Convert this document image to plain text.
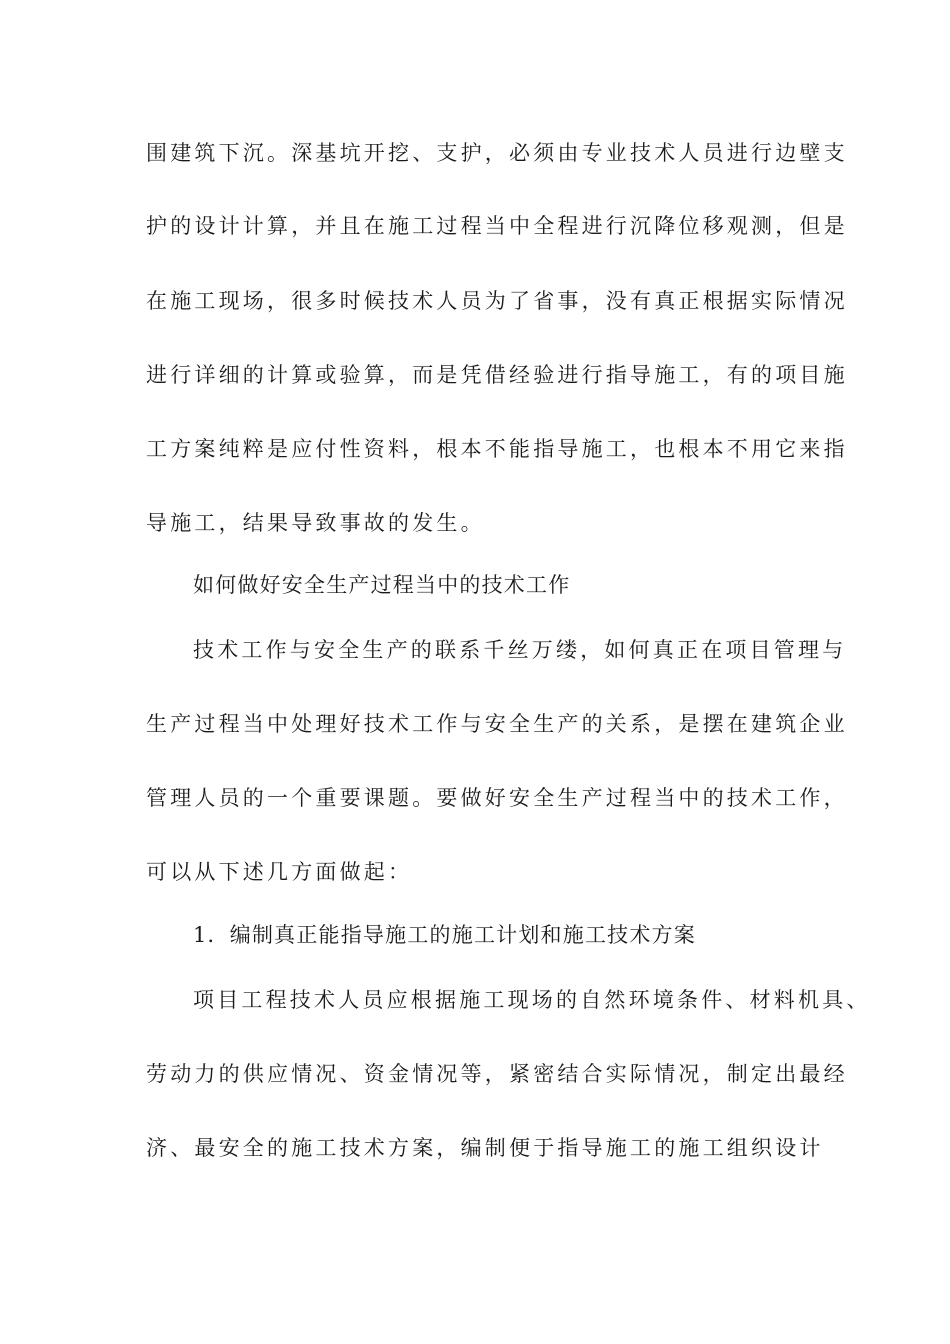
围建筑下沉。深基坑开挖、支护，必须由专业技术人员进行边壁支
护的设计计算，并且在施工过程当中全程进行沉降位移观测，但是
在施工现场，很多时候技术人员为了省事，没有真正根据实际情况
进行详细的计算或验算，而是凭借经验进行指导施工，有的项目施
工方案纯粹是应付性资料，根本不能指导施工，也根本不用它来指
导施工，结果导致事故的发生。
如何做好安全生产过程当中的技术工作
技术工作与安全生产的联系千丝万缕，如何真正在项目管理与
生产过程当中处理好技术工作与安全生产的关系，是摆在建筑企业
管理人员的一个重要课题。要做好安全生产过程当中的技术工作，
可以从下述几方面做起：
1．编制真正能指导施工的施工计划和施工技术方案
项目工程技术人员应根据施工现场的自然环境条件、材料机具、
劳动力的供应情况、资金情况等，紧密结合实际情况，制定出最经
济、最安全的施工技术方案，编制便于指导施工的施工组织设计
